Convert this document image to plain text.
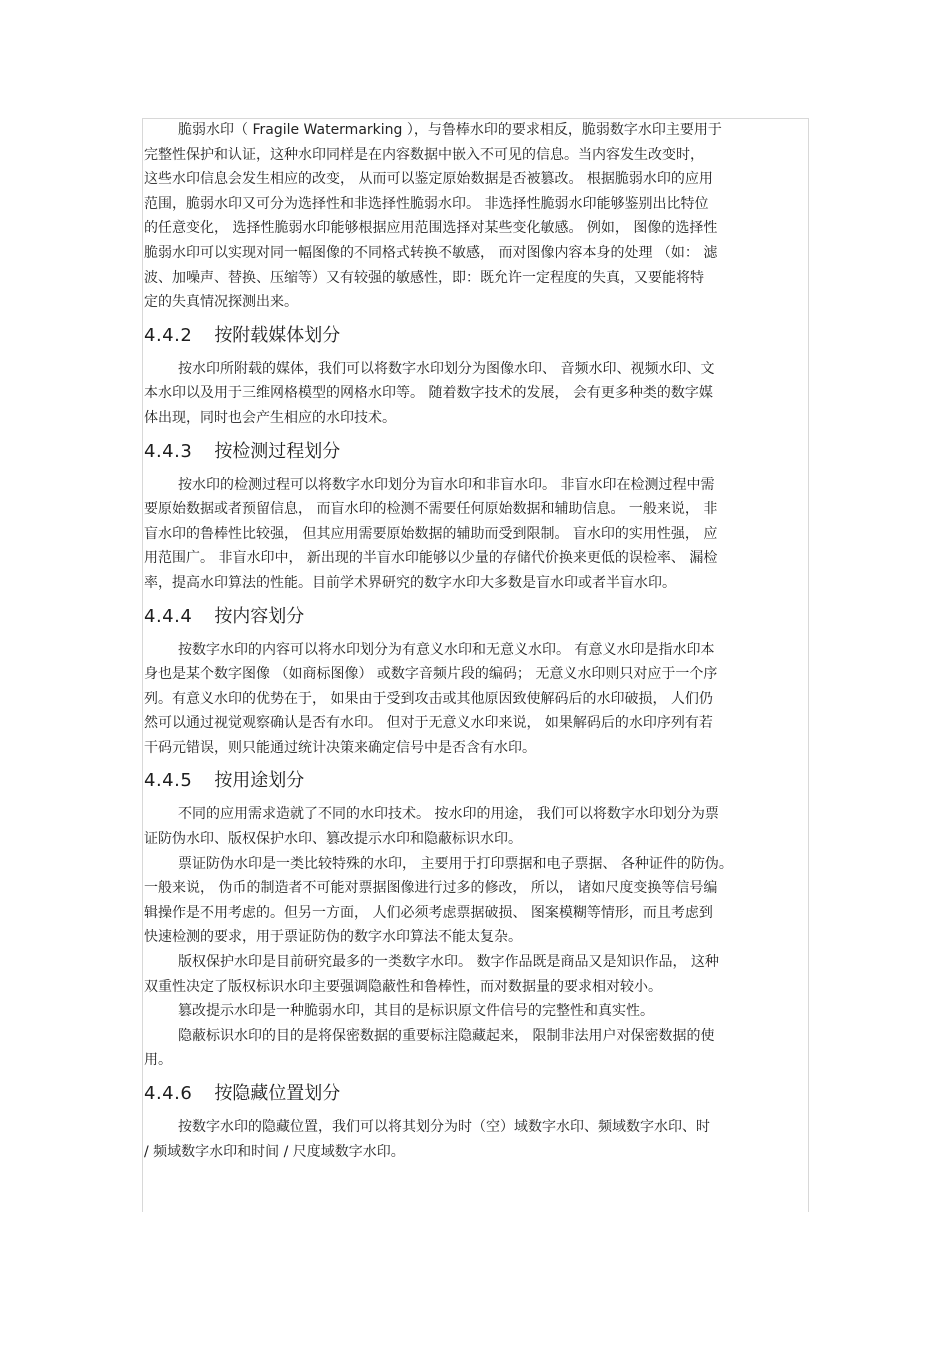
脆弱水印（ Fragile Watermarking ），与鲁棒水印的要求相反，脆弱数字水印主要用于
完整性保护和认证，这种水印同样是在内容数据中嵌入不可见的信息。当内容发生改变时，
这些水印信息会发生相应的改变， 从而可以鉴定原始数据是否被篡改。 根据脆弱水印的应用
范围，脆弱水印又可分为选择性和非选择性脆弱水印。 非选择性脆弱水印能够鉴别出比特位
的任意变化， 选择性脆弱水印能够根据应用范围选择对某些变化敏感。 例如， 图像的选择性
脆弱水印可以实现对同一幅图像的不同格式转换不敏感， 而对图像内容本身的处理 （如： 滤
波、加噪声、替换、压缩等）又有较强的敏感性，即：既允许一定程度的失真，又要能将特
定的失真情况探测出来。

4.4.2 按附载媒体划分

按水印所附载的媒体，我们可以将数字水印划分为图像水印、 音频水印、视频水印、文
本水印以及用于三维网格模型的网格水印等。 随着数字技术的发展， 会有更多种类的数字媒
体出现，同时也会产生相应的水印技术。

4.4.3 按检测过程划分

按水印的检测过程可以将数字水印划分为盲水印和非盲水印。 非盲水印在检测过程中需
要原始数据或者预留信息， 而盲水印的检测不需要任何原始数据和辅助信息。 一般来说， 非
盲水印的鲁棒性比较强， 但其应用需要原始数据的辅助而受到限制。 盲水印的实用性强， 应
用范围广。 非盲水印中， 新出现的半盲水印能够以少量的存储代价换来更低的误检率、 漏检
率，提高水印算法的性能。目前学术界研究的数字水印大多数是盲水印或者半盲水印。

4.4.4 按内容划分

按数字水印的内容可以将水印划分为有意义水印和无意义水印。 有意义水印是指水印本
身也是某个数字图像 （如商标图像） 或数字音频片段的编码； 无意义水印则只对应于一个序
列。有意义水印的优势在于， 如果由于受到攻击或其他原因致使解码后的水印破损， 人们仍
然可以通过视觉观察确认是否有水印。 但对于无意义水印来说， 如果解码后的水印序列有若
干码元错误，则只能通过统计决策来确定信号中是否含有水印。

4.4.5 按用途划分

不同的应用需求造就了不同的水印技术。 按水印的用途， 我们可以将数字水印划分为票
证防伪水印、版权保护水印、篡改提示水印和隐蔽标识水印。

票证防伪水印是一类比较特殊的水印， 主要用于打印票据和电子票据、 各种证件的防伪。
一般来说， 伪币的制造者不可能对票据图像进行过多的修改， 所以， 诸如尺度变换等信号编
辑操作是不用考虑的。但另一方面， 人们必须考虑票据破损、 图案模糊等情形，而且考虑到
快速检测的要求，用于票证防伪的数字水印算法不能太复杂。

版权保护水印是目前研究最多的一类数字水印。 数字作品既是商品又是知识作品， 这种
双重性决定了版权标识水印主要强调隐蔽性和鲁棒性，而对数据量的要求相对较小。

篡改提示水印是一种脆弱水印，其目的是标识原文件信号的完整性和真实性。

隐蔽标识水印的目的是将保密数据的重要标注隐藏起来， 限制非法用户对保密数据的使
用。

4.4.6 按隐藏位置划分

按数字水印的隐藏位置，我们可以将其划分为时（空）域数字水印、频域数字水印、时
/ 频域数字水印和时间 / 尺度域数字水印。
